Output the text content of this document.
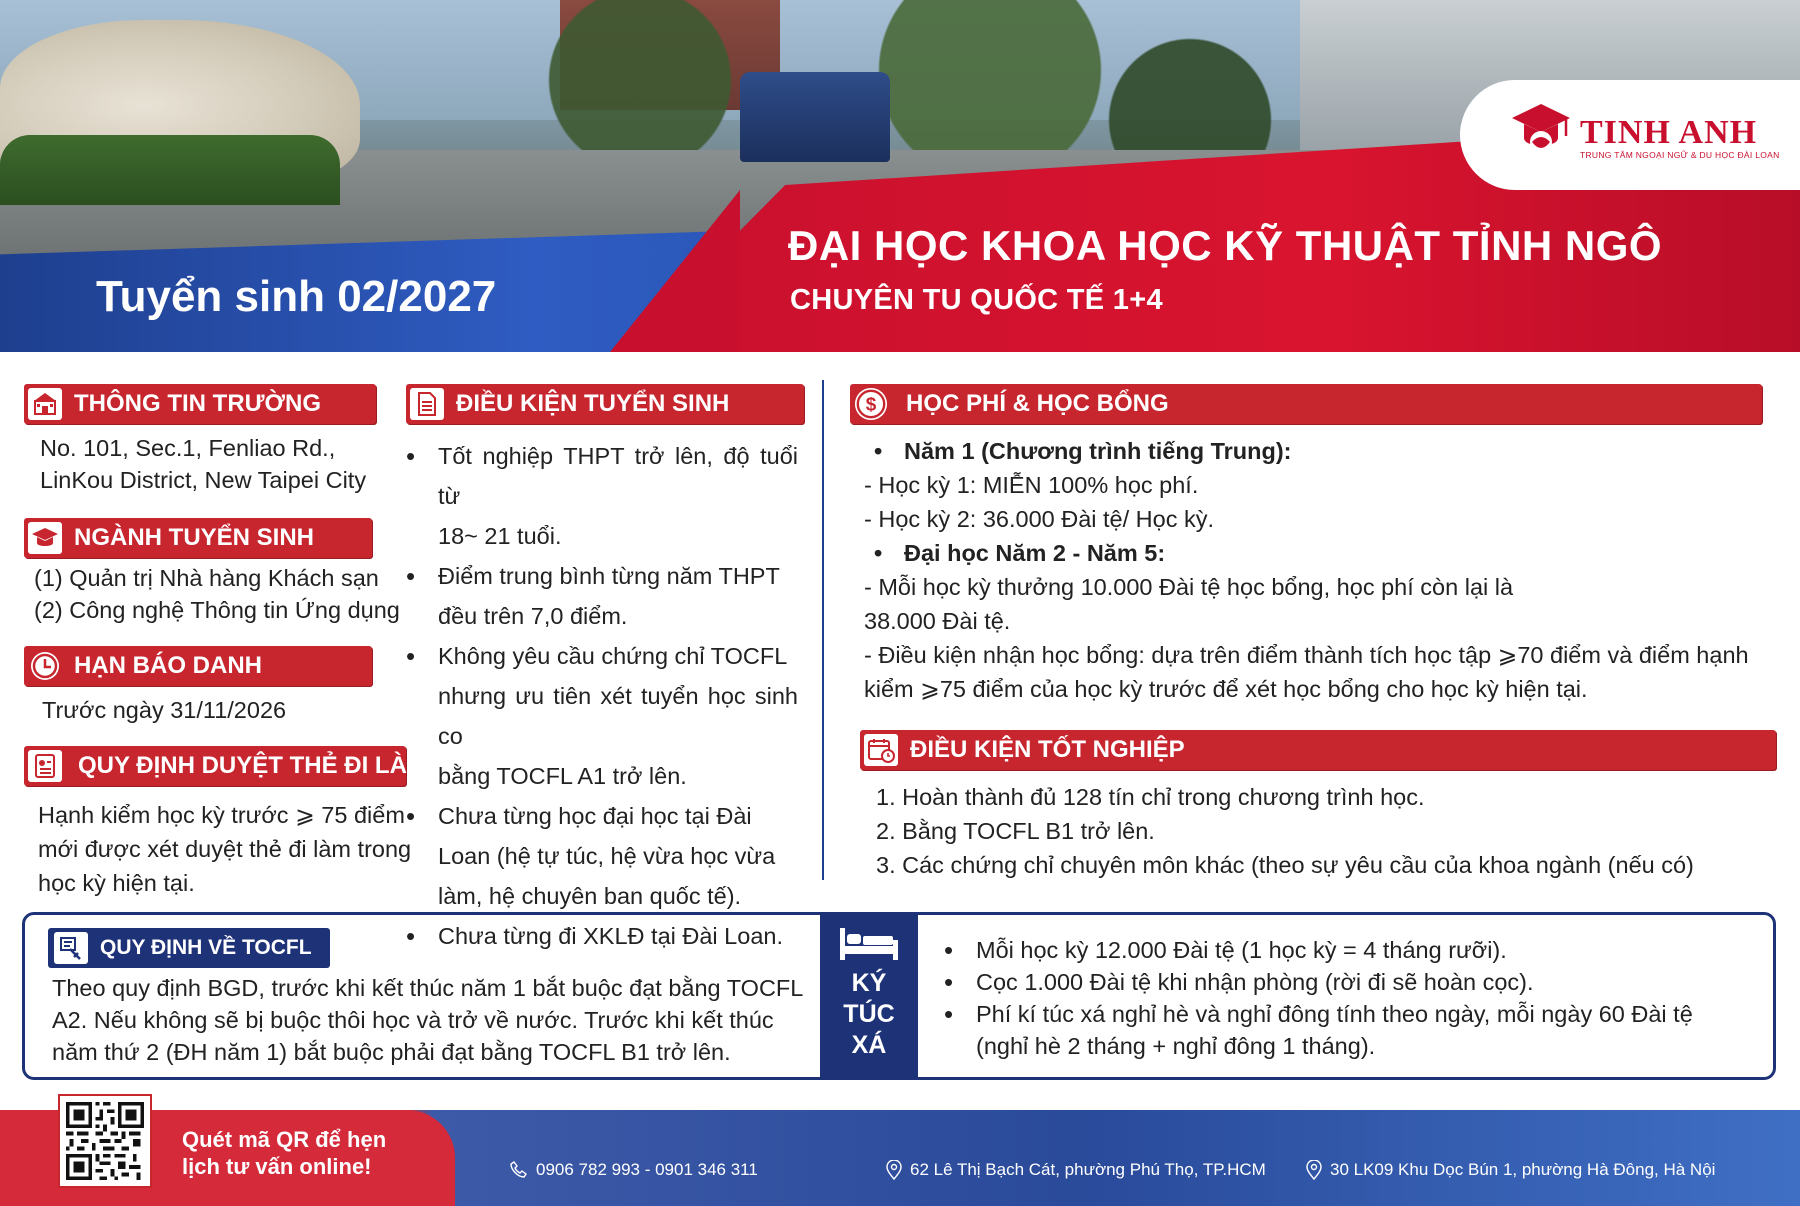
Tuyển sinh 02/2027
ĐẠI HỌC KHOA HỌC KỸ THUẬT TỈNH NGÔ
CHUYÊN TU QUỐC TẾ 1+4
TINH ANH
TRUNG TÂM NGOẠI NGỮ & DU HỌC ĐÀI LOAN
THÔNG TIN TRƯỜNG
No. 101, Sec.1, Fenliao Rd.,
LinKou District, New Taipei City
NGÀNH TUYỂN SINH
(1) Quản trị Nhà hàng Khách sạn
(2) Công nghệ Thông tin Ứng dụng
HẠN BÁO DANH
Trước ngày 31/11/2026
QUY ĐỊNH DUYỆT THẺ ĐI LÀM
Hạnh kiểm học kỳ trước ⩾ 75 điểm
mới được xét duyệt thẻ đi làm trong
học kỳ hiện tại.
ĐIỀU KIỆN TUYỂN SINH
• Tốt nghiệp THPT trở lên, độ tuổi từ
18~ 21 tuổi.
• Điểm trung bình từng năm THPT
đều trên 7,0 điểm.
• Không yêu cầu chứng chỉ TOCFL
nhưng ưu tiên xét tuyển học sinh co
bằng TOCFL A1 trở lên.
• Chưa từng học đại học tại Đài
Loan (hệ tự túc, hệ vừa học vừa
làm, hệ chuyên ban quốc tế).
• Chưa từng đi XKLĐ tại Đài Loan.
$ HỌC PHÍ & HỌC BỔNG
• Năm 1 (Chương trình tiếng Trung):
- Học kỳ 1: MIỄN 100% học phí.
- Học kỳ 2: 36.000 Đài tệ/ Học kỳ.
• Đại học Năm 2 - Năm 5:
- Mỗi học kỳ thưởng 10.000 Đài tệ học bổng, học phí còn lại là
38.000 Đài tệ.
- Điều kiện nhận học bổng: dựa trên điểm thành tích học tập ⩾70 điểm và điểm hạnh
kiểm ⩾75 điểm của học kỳ trước để xét học bổng cho học kỳ hiện tại.
ĐIỀU KIỆN TỐT NGHIỆP
1. Hoàn thành đủ 128 tín chỉ trong chương trình học.
2. Bằng TOCFL B1 trở lên.
3. Các chứng chỉ chuyên môn khác (theo sự yêu cầu của khoa ngành (nếu có)
QUY ĐỊNH VỀ TOCFL
Theo quy định BGD, trước khi kết thúc năm 1 bắt buộc đạt bằng TOCFL
A2. Nếu không sẽ bị buộc thôi học và trở về nước. Trước khi kết thúc
năm thứ 2 (ĐH năm 1) bắt buộc phải đạt bằng TOCFL B1 trở lên.
KÝ
TÚC
XÁ
• Mỗi học kỳ 12.000 Đài tệ (1 học kỳ = 4 tháng rưỡi).
• Cọc 1.000 Đài tệ khi nhận phòng (rời đi sẽ hoàn cọc).
• Phí kí túc xá nghỉ hè và nghỉ đông tính theo ngày, mỗi ngày 60 Đài tệ
(nghỉ hè 2 tháng + nghỉ đông 1 tháng).
Quét mã QR để hẹn
lịch tư vấn online!	0906 782 993 - 0901 346 311	62 Lê Thị Bạch Cát, phường Phú Thọ, TP.HCM	30 LK09 Khu Dọc Bún 1, phường Hà Đông, Hà Nội
